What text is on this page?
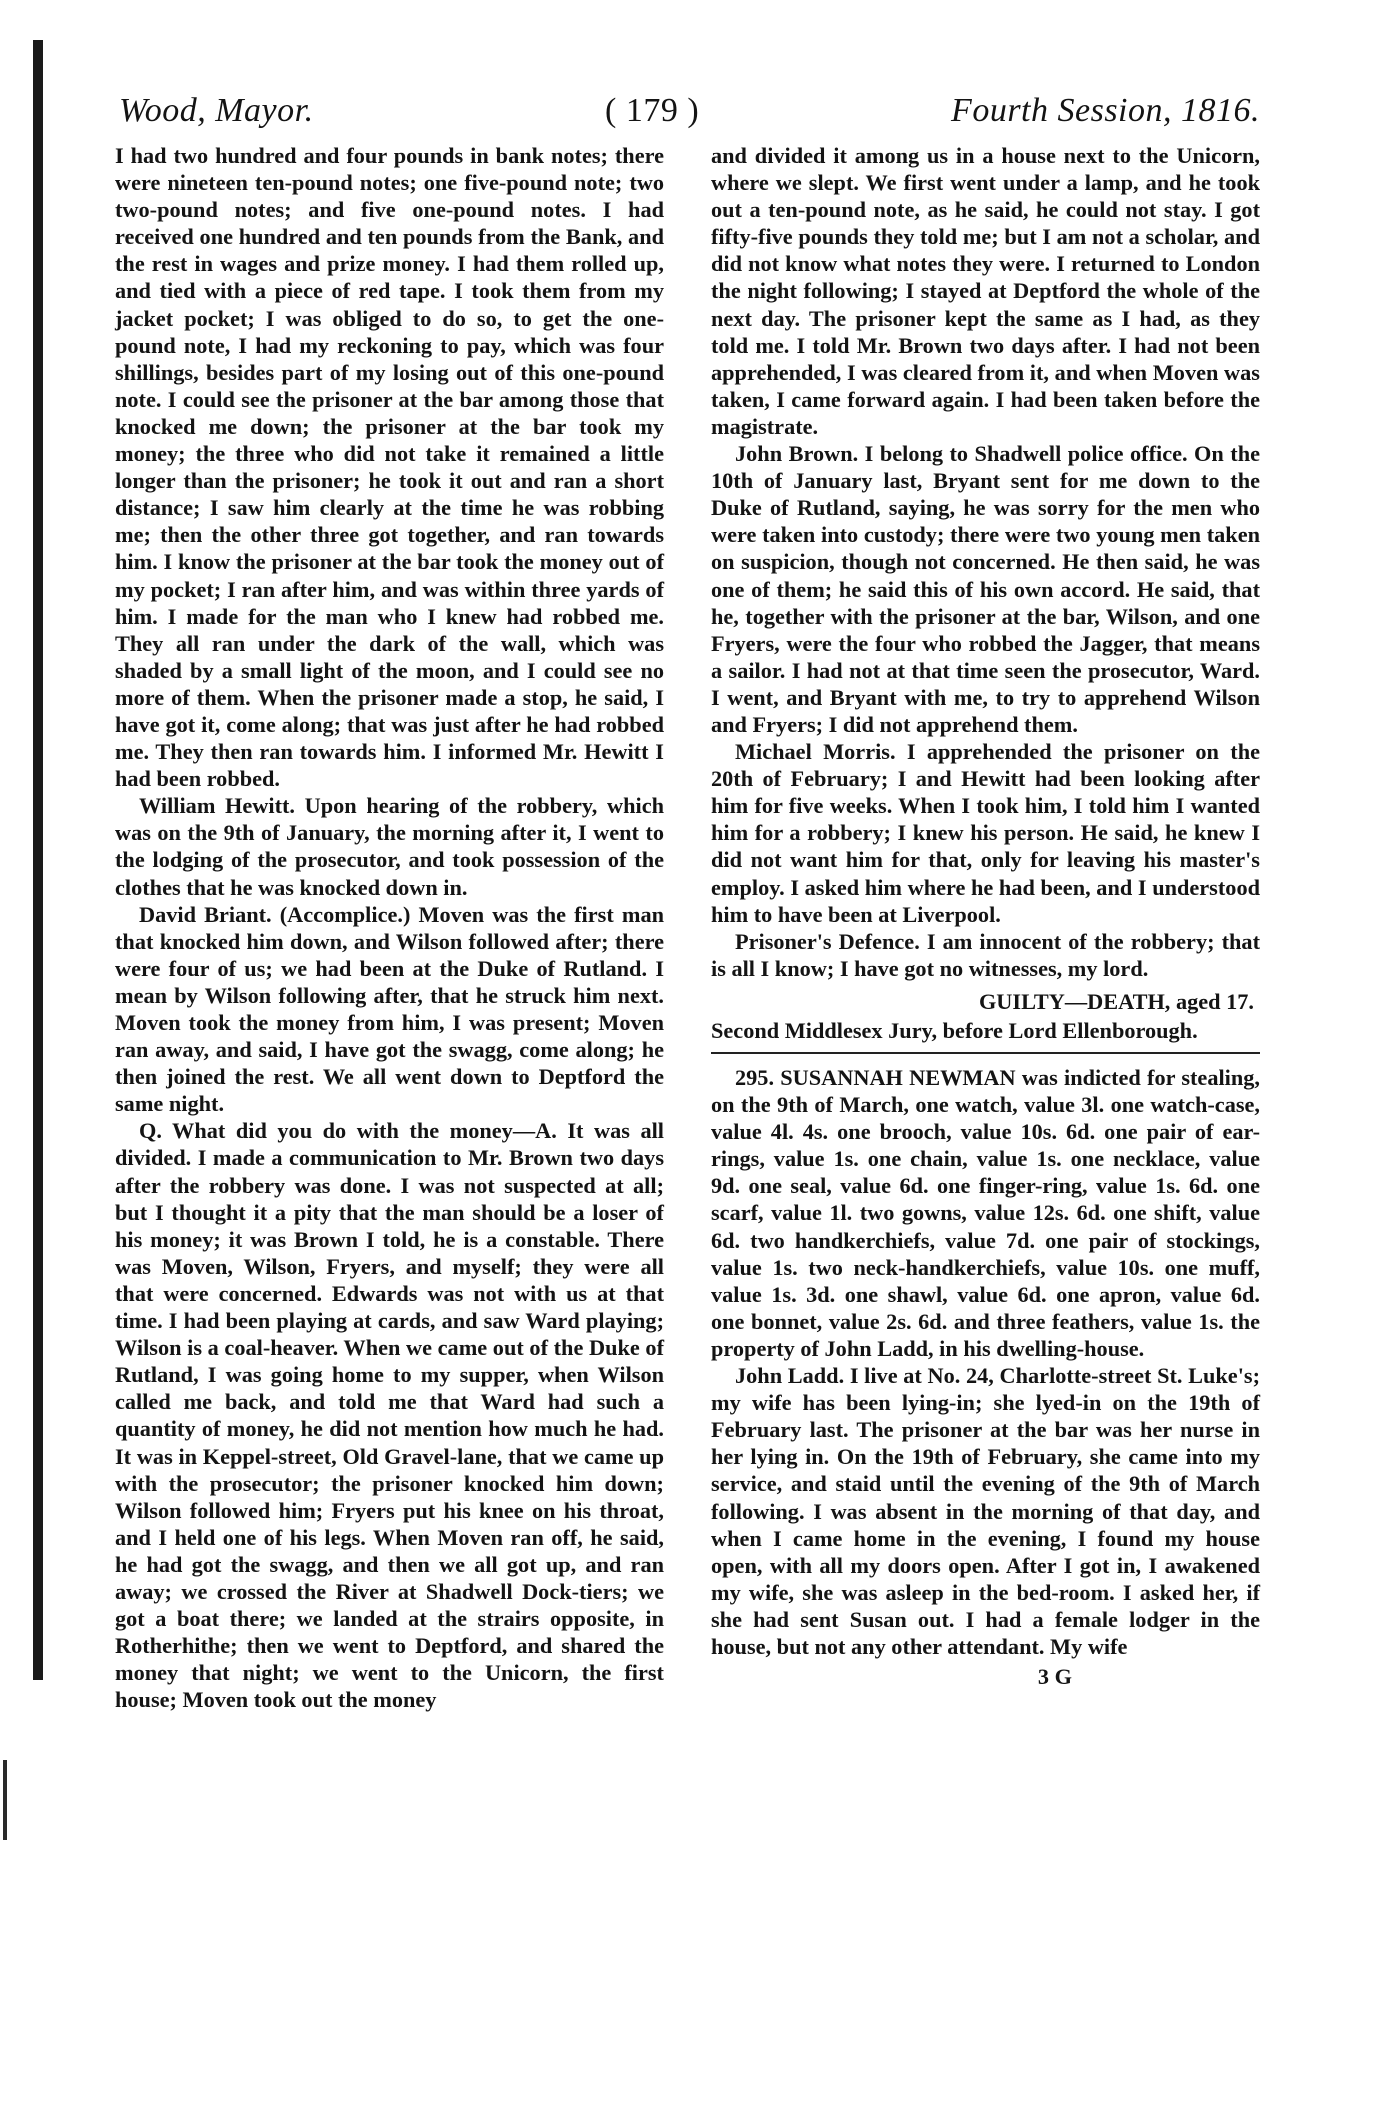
Wood, Mayor.	( 179 )	Fourth Session, 1816.

I had two hundred and four pounds in bank notes; there were nineteen ten-pound notes; one five-pound note; two two-pound notes; and five one-pound notes. I had received one hundred and ten pounds from the Bank, and the rest in wages and prize money. I had them rolled up, and tied with a piece of red tape. I took them from my jacket pocket; I was obliged to do so, to get the one-pound note, I had my reckoning to pay, which was four shillings, besides part of my losing out of this one-pound note. I could see the prisoner at the bar among those that knocked me down; the prisoner at the bar took my money; the three who did not take it remained a little longer than the prisoner; he took it out and ran a short distance; I saw him clearly at the time he was robbing me; then the other three got together, and ran towards him. I know the prisoner at the bar took the money out of my pocket; I ran after him, and was within three yards of him. I made for the man who I knew had robbed me. They all ran under the dark of the wall, which was shaded by a small light of the moon, and I could see no more of them. When the prisoner made a stop, he said, I have got it, come along; that was just after he had robbed me. They then ran towards him. I informed Mr. Hewitt I had been robbed.

William Hewitt. Upon hearing of the robbery, which was on the 9th of January, the morning after it, I went to the lodging of the prosecutor, and took possession of the clothes that he was knocked down in.

David Briant. (Accomplice.) Moven was the first man that knocked him down, and Wilson followed after; there were four of us; we had been at the Duke of Rutland. I mean by Wilson following after, that he struck him next. Moven took the money from him, I was present; Moven ran away, and said, I have got the swagg, come along; he then joined the rest. We all went down to Deptford the same night.

Q. What did you do with the money—A. It was all divided. I made a communication to Mr. Brown two days after the robbery was done. I was not suspected at all; but I thought it a pity that the man should be a loser of his money; it was Brown I told, he is a constable. There was Moven, Wilson, Fryers, and myself; they were all that were concerned. Edwards was not with us at that time. I had been playing at cards, and saw Ward playing; Wilson is a coal-heaver. When we came out of the Duke of Rutland, I was going home to my supper, when Wilson called me back, and told me that Ward had such a quantity of money, he did not mention how much he had. It was in Keppel-street, Old Gravel-lane, that we came up with the prosecutor; the prisoner knocked him down; Wilson followed him; Fryers put his knee on his throat, and I held one of his legs. When Moven ran off, he said, he had got the swagg, and then we all got up, and ran away; we crossed the River at Shadwell Dock-tiers; we got a boat there; we landed at the strairs opposite, in Rotherhithe; then we went to Deptford, and shared the money that night; we went to the Unicorn, the first house; Moven took out the money

and divided it among us in a house next to the Unicorn, where we slept. We first went under a lamp, and he took out a ten-pound note, as he said, he could not stay. I got fifty-five pounds they told me; but I am not a scholar, and did not know what notes they were. I returned to London the night following; I stayed at Deptford the whole of the next day. The prisoner kept the same as I had, as they told me. I told Mr. Brown two days after. I had not been apprehended, I was cleared from it, and when Moven was taken, I came forward again. I had been taken before the magistrate.

John Brown. I belong to Shadwell police office. On the 10th of January last, Bryant sent for me down to the Duke of Rutland, saying, he was sorry for the men who were taken into custody; there were two young men taken on suspicion, though not concerned. He then said, he was one of them; he said this of his own accord. He said, that he, together with the prisoner at the bar, Wilson, and one Fryers, were the four who robbed the Jagger, that means a sailor. I had not at that time seen the prosecutor, Ward. I went, and Bryant with me, to try to apprehend Wilson and Fryers; I did not apprehend them.

Michael Morris. I apprehended the prisoner on the 20th of February; I and Hewitt had been looking after him for five weeks. When I took him, I told him I wanted him for a robbery; I knew his person. He said, he knew I did not want him for that, only for leaving his master's employ. I asked him where he had been, and I understood him to have been at Liverpool.

Prisoner's Defence. I am innocent of the robbery; that is all I know; I have got no witnesses, my lord.

GUILTY—DEATH, aged 17.

Second Middlesex Jury, before Lord Ellenborough.

295. SUSANNAH NEWMAN was indicted for stealing, on the 9th of March, one watch, value 3l. one watch-case, value 4l. 4s. one brooch, value 10s. 6d. one pair of ear-rings, value 1s. one chain, value 1s. one necklace, value 9d. one seal, value 6d. one finger-ring, value 1s. 6d. one scarf, value 1l. two gowns, value 12s. 6d. one shift, value 6d. two handkerchiefs, value 7d. one pair of stockings, value 1s. two neck-handkerchiefs, value 10s. one muff, value 1s. 3d. one shawl, value 6d. one apron, value 6d. one bonnet, value 2s. 6d. and three feathers, value 1s. the property of John Ladd, in his dwelling-house.

John Ladd. I live at No. 24, Charlotte-street St. Luke's; my wife has been lying-in; she lyed-in on the 19th of February last. The prisoner at the bar was her nurse in her lying in. On the 19th of February, she came into my service, and staid until the evening of the 9th of March following. I was absent in the morning of that day, and when I came home in the evening, I found my house open, with all my doors open. After I got in, I awakened my wife, she was asleep in the bed-room. I asked her, if she had sent Susan out. I had a female lodger in the house, but not any other attendant. My wife

3 G
